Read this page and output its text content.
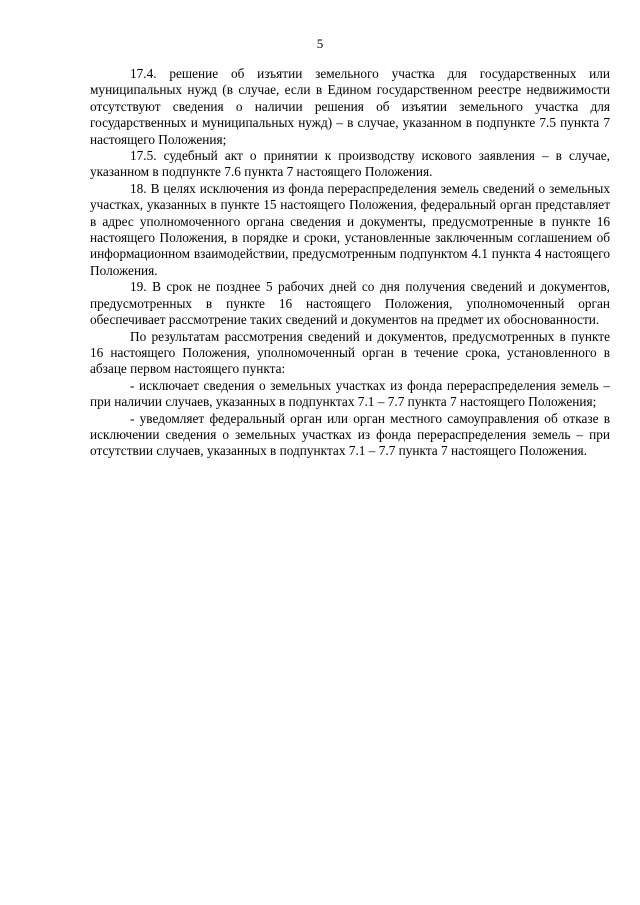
5

17.4. решение об изъятии земельного участка для государственных или муниципальных нужд (в случае, если в Едином государственном реестре недвижимости отсутствуют сведения о наличии решения об изъятии земельного участка для государственных и муниципальных нужд) – в случае, указанном в подпункте 7.5 пункта 7 настоящего Положения;

17.5. судебный акт о принятии к производству искового заявления – в случае, указанном в подпункте 7.6 пункта 7 настоящего Положения.

18. В целях исключения из фонда перераспределения земель сведений о земельных участках, указанных в пункте 15 настоящего Положения, федеральный орган представляет в адрес уполномоченного органа сведения и документы, предусмотренные в пункте 16 настоящего Положения, в порядке и сроки, установленные заключенным соглашением об информационном взаимодействии, предусмотренным подпунктом 4.1 пункта 4 настоящего Положения.

19. В срок не позднее 5 рабочих дней со дня получения сведений и документов, предусмотренных в пункте 16 настоящего Положения, уполномоченный орган обеспечивает рассмотрение таких сведений и документов на предмет их обоснованности.

По результатам рассмотрения сведений и документов, предусмотренных в пункте 16 настоящего Положения, уполномоченный орган в течение срока, установленного в абзаце первом настоящего пункта:

- исключает сведения о земельных участках из фонда перераспределения земель – при наличии случаев, указанных в подпунктах 7.1 – 7.7 пункта 7 настоящего Положения;

- уведомляет федеральный орган или орган местного самоуправления об отказе в исключении сведения о земельных участках из фонда перераспределения земель – при отсутствии случаев, указанных в подпунктах 7.1 – 7.7 пункта 7 настоящего Положения.
